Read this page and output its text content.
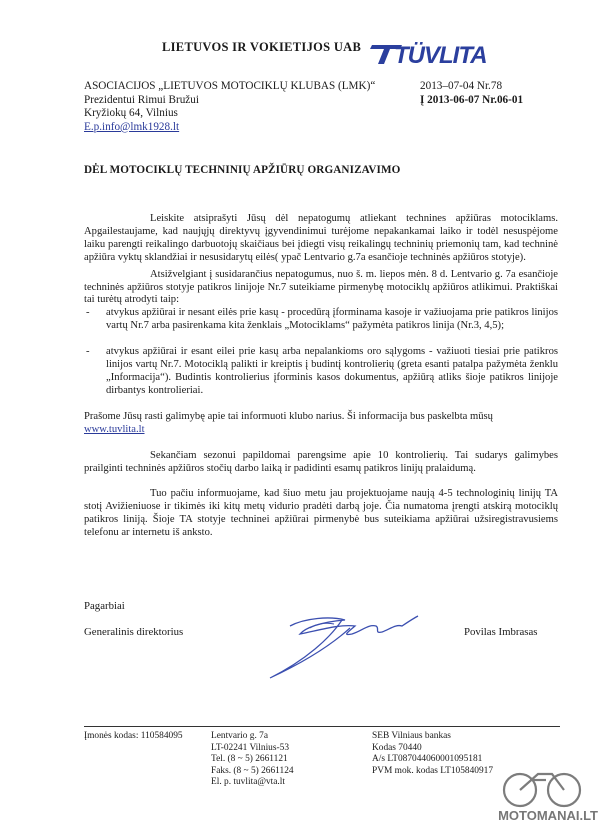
LIETUVOS IR VOKIETIJOS UAB TÜVLITA
ASOCIACIJOS „LIETUVOS MOTOCIKLŲ KLUBAS (LMK)“
Prezidentui Rimui Bružui
Kryžiokų 64, Vilnius
E.p.info@lmk1928.lt
2013–07-04 Nr.78
Į 2013-06-07 Nr.06-01
DĖL MOTOCIKLŲ TECHNINIŲ APŽIŪRŲ ORGANIZAVIMO

Leiskite atsiprašyti Jūsų dėl nepatogumų atliekant technines apžiūras motociklams. Apgailestaujame, kad naujųjų direktyvų įgyvendinimui turėjome nepakankamai laiko ir todėl nesuspėjome laiku parengti reikalingo darbuotojų skaičiaus bei įdiegti visų reikalingų techninių priemonių tam, kad techninė apžiūra vyktų sklandžiai ir nesusidarytų eilės( ypač Lentvario g.7a esančioje techninės apžiūros stotyje).

Atsižvelgiant į susidarančius nepatogumus, nuo š. m. liepos mėn. 8 d. Lentvario g. 7a esančioje techninės apžiūros stotyje patikros linijoje Nr.7 suteikiame pirmenybę motociklų apžiūros atlikimui. Praktiškai tai turėtų atrodyti taip:

- atvykus apžiūrai ir nesant eilės prie kasų - procedūrą įforminama kasoje ir važiuojama prie patikros linijos vartų Nr.7 arba pasirenkama kita ženklais „Motociklams“ pažymėta patikros linija (Nr.3, 4,5);
- atvykus apžiūrai ir esant eilei prie kasų arba nepalankioms oro sąlygoms - važiuoti tiesiai prie patikros linijos vartų Nr.7. Motociklą palikti ir kreiptis į budintį kontrolierių (greta esanti patalpa pažymėta ženklu „Informacija“). Budintis kontrolierius įforminis kasos dokumentus, apžiūrą atliks šioje patikros linijoje dirbantys kontrolieriai.

Prašome Jūsų rasti galimybę apie tai informuoti klubo narius. Ši informacija bus paskelbta mūsų
www.tuvlita.lt

Sekančiam sezonui papildomai parengsime apie 10 kontrolierių. Tai sudarys galimybes prailginti techninės apžiūros stočių darbo laiką ir padidinti esamų patikros linijų pralaidumą.

Tuo pačiu informuojame, kad šiuo metu jau projektuojame naują 4-5 technologinių linijų TA stotį Avižieniuose ir tikimės iki kitų metų vidurio pradėti darbą joje. Čia numatoma įrengti atskirą motociklų patikros liniją. Šioje TA stotyje techninei apžiūrai pirmenybė bus suteikiama apžiūrai užsiregistravusiems telefonu ar internetu iš anksto.

Pagarbiai
Generalinis direktorius	Povilas Imbrasas
Įmonės kodas: 110584095	Lentvario g. 7a
LT-02241 Vilnius-53
Tel. (8 ~ 5) 2661121
Faks. (8 ~ 5) 2661124
El. p. tuvlita@vta.lt
SEB Vilniaus bankas
Kodas 70440
A/s LT087044060001095181
PVM mok. kodas LT105840917
MOTOMANAI.LT
